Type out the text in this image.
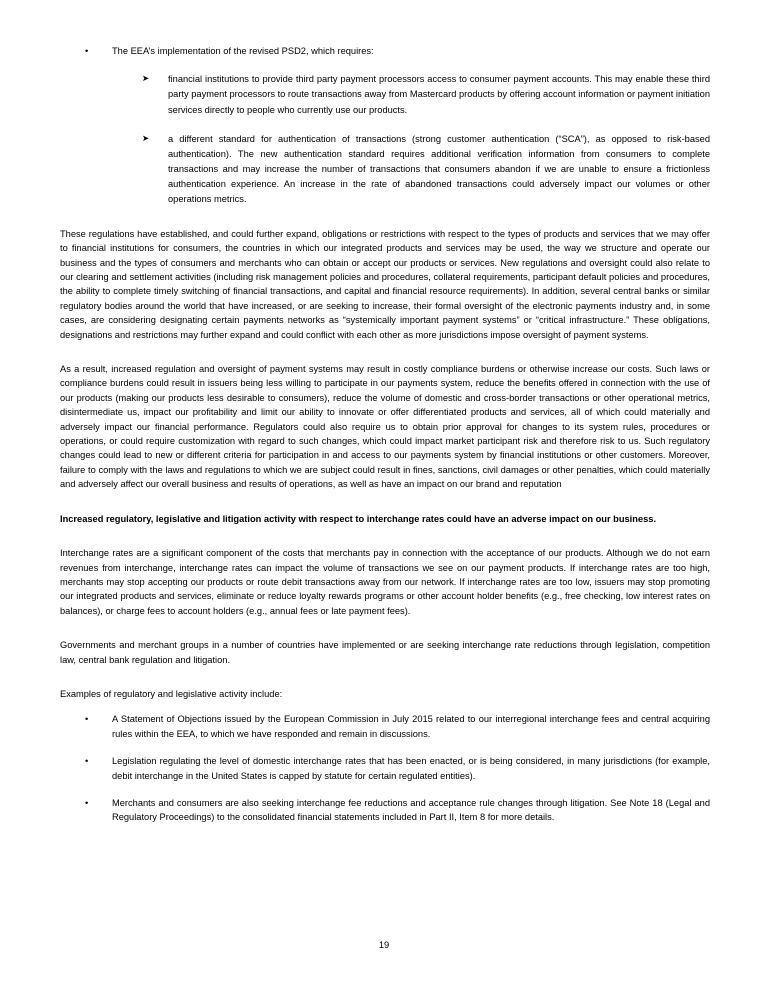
•	The EEA’s implementation of the revised PSD2, which requires:
➤	financial institutions to provide third party payment processors access to consumer payment accounts. This may enable these third party payment processors to route transactions away from Mastercard products by offering account information or payment initiation services directly to people who currently use our products.
➤	a different standard for authentication of transactions (strong customer authentication (“SCA”), as opposed to risk-based authentication). The new authentication standard requires additional verification information from consumers to complete transactions and may increase the number of transactions that consumers abandon if we are unable to ensure a frictionless authentication experience. An increase in the rate of abandoned transactions could adversely impact our volumes or other operations metrics.

These regulations have established, and could further expand, obligations or restrictions with respect to the types of products and services that we may offer to financial institutions for consumers, the countries in which our integrated products and services may be used, the way we structure and operate our business and the types of consumers and merchants who can obtain or accept our products or services. New regulations and oversight could also relate to our clearing and settlement activities (including risk management policies and procedures, collateral requirements, participant default policies and procedures, the ability to complete timely switching of financial transactions, and capital and financial resource requirements). In addition, several central banks or similar regulatory bodies around the world that have increased, or are seeking to increase, their formal oversight of the electronic payments industry and, in some cases, are considering designating certain payments networks as “systemically important payment systems” or “critical infrastructure.” These obligations, designations and restrictions may further expand and could conflict with each other as more jurisdictions impose oversight of payment systems.

As a result, increased regulation and oversight of payment systems may result in costly compliance burdens or otherwise increase our costs. Such laws or compliance burdens could result in issuers being less willing to participate in our payments system, reduce the benefits offered in connection with the use of our products (making our products less desirable to consumers), reduce the volume of domestic and cross-border transactions or other operational metrics, disintermediate us, impact our profitability and limit our ability to innovate or offer differentiated products and services, all of which could materially and adversely impact our financial performance. Regulators could also require us to obtain prior approval for changes to its system rules, procedures or operations, or could require customization with regard to such changes, which could impact market participant risk and therefore risk to us. Such regulatory changes could lead to new or different criteria for participation in and access to our payments system by financial institutions or other customers. Moreover, failure to comply with the laws and regulations to which we are subject could result in fines, sanctions, civil damages or other penalties, which could materially and adversely affect our overall business and results of operations, as well as have an impact on our brand and reputation

Increased regulatory, legislative and litigation activity with respect to interchange rates could have an adverse impact on our business.

Interchange rates are a significant component of the costs that merchants pay in connection with the acceptance of our products. Although we do not earn revenues from interchange, interchange rates can impact the volume of transactions we see on our payment products. If interchange rates are too high, merchants may stop accepting our products or route debit transactions away from our network. If interchange rates are too low, issuers may stop promoting our integrated products and services, eliminate or reduce loyalty rewards programs or other account holder benefits (e.g., free checking, low interest rates on balances), or charge fees to account holders (e.g., annual fees or late payment fees).

Governments and merchant groups in a number of countries have implemented or are seeking interchange rate reductions through legislation, competition law, central bank regulation and litigation.

Examples of regulatory and legislative activity include:

•	A Statement of Objections issued by the European Commission in July 2015 related to our interregional interchange fees and central acquiring rules within the EEA, to which we have responded and remain in discussions.
•	Legislation regulating the level of domestic interchange rates that has been enacted, or is being considered, in many jurisdictions (for example, debit interchange in the United States is capped by statute for certain regulated entities).
•	Merchants and consumers are also seeking interchange fee reductions and acceptance rule changes through litigation. See Note 18 (Legal and Regulatory Proceedings) to the consolidated financial statements included in Part II, Item 8 for more details.
19
